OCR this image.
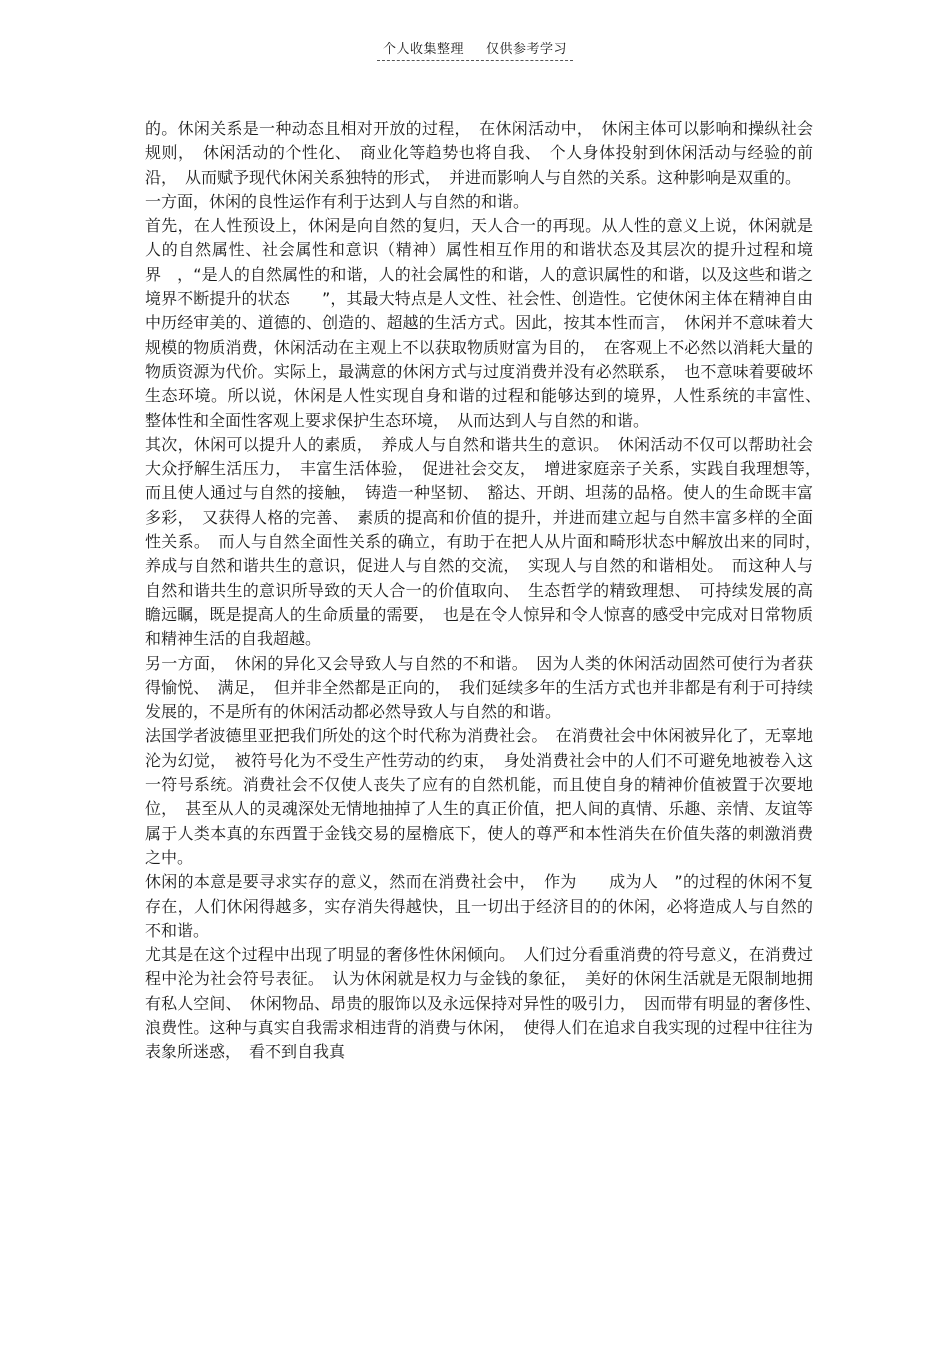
个人收集整理 仅供参考学习

的。休闲关系是一种动态且相对开放的过程，　在休闲活动中，　休闲主体可以影响和操纵社会规则，　休闲活动的个性化、　商业化等趋势也将自我、　个人身体投射到休闲活动与经验的前沿，　从而赋予现代休闲关系独特的形式，　并进而影响人与自然的关系。这种影响是双重的。

一方面，休闲的良性运作有利于达到人与自然的和谐。

首先，在人性预设上，休闲是向自然的复归，天人合一的再现。从人性的意义上说，休闲就是人的自然属性、社会属性和意识（精神）属性相互作用的和谐状态及其层次的提升过程和境界　，“是人的自然属性的和谐，人的社会属性的和谐，人的意识属性的和谐，以及这些和谐之境界不断提升的状态　　”，其最大特点是人文性、社会性、创造性。它使休闲主体在精神自由中历经审美的、道德的、创造的、超越的生活方式。因此，按其本性而言，　休闲并不意味着大规模的物质消费，休闲活动在主观上不以获取物质财富为目的，　在客观上不必然以消耗大量的物质资源为代价。实际上，最满意的休闲方式与过度消费并没有必然联系，　也不意味着要破坏生态环境。所以说，休闲是人性实现自身和谐的过程和能够达到的境界，人性系统的丰富性、　整体性和全面性客观上要求保护生态环境，　从而达到人与自然的和谐。

其次，休闲可以提升人的素质，　养成人与自然和谐共生的意识。　休闲活动不仅可以帮助社会大众抒解生活压力，　丰富生活体验，　促进社会交友，　增进家庭亲子关系，实践自我理想等，　而且使人通过与自然的接触，　铸造一种坚韧、　豁达、开朗、坦荡的品格。使人的生命既丰富多彩，　又获得人格的完善、　素质的提高和价值的提升，并进而建立起与自然丰富多样的全面性关系。　而人与自然全面性关系的确立，有助于在把人从片面和畸形状态中解放出来的同时，　养成与自然和谐共生的意识，促进人与自然的交流，　实现人与自然的和谐相处。　而这种人与自然和谐共生的意识所导致的天人合一的价值取向、　生态哲学的精致理想、　可持续发展的高瞻远瞩，既是提高人的生命质量的需要，　也是在令人惊异和令人惊喜的感受中完成对日常物质和精神生活的自我超越。

另一方面，　休闲的异化又会导致人与自然的不和谐。　因为人类的休闲活动固然可使行为者获得愉悦、　满足，　但并非全然都是正向的，　我们延续多年的生活方式也并非都是有利于可持续发展的，不是所有的休闲活动都必然导致人与自然的和谐。

法国学者波德里亚把我们所处的这个时代称为消费社会。　在消费社会中休闲被异化了，无辜地沦为幻觉，　被符号化为不受生产性劳动的约束，　身处消费社会中的人们不可避免地被卷入这一符号系统。消费社会不仅使人丧失了应有的自然机能，而且使自身的精神价值被置于次要地位，　甚至从人的灵魂深处无情地抽掉了人生的真正价值，把人间的真情、乐趣、亲情、友谊等属于人类本真的东西置于金钱交易的屋檐底下，使人的尊严和本性消失在价值失落的刺激消费之中。

休闲的本意是要寻求实存的意义，然而在消费社会中，　作为　　成为人　”的过程的休闲不复存在，人们休闲得越多，实存消失得越快，且一切出于经济目的的休闲，必将造成人与自然的不和谐。

尤其是在这个过程中出现了明显的奢侈性休闲倾向。　人们过分看重消费的符号意义，在消费过程中沦为社会符号表征。　认为休闲就是权力与金钱的象征，　美好的休闲生活就是无限制地拥有私人空间、　休闲物品、昂贵的服饰以及永远保持对异性的吸引力，　因而带有明显的奢侈性、　浪费性。这种与真实自我需求相违背的消费与休闲，　使得人们在追求自我实现的过程中往往为表象所迷惑，　看不到自我真
